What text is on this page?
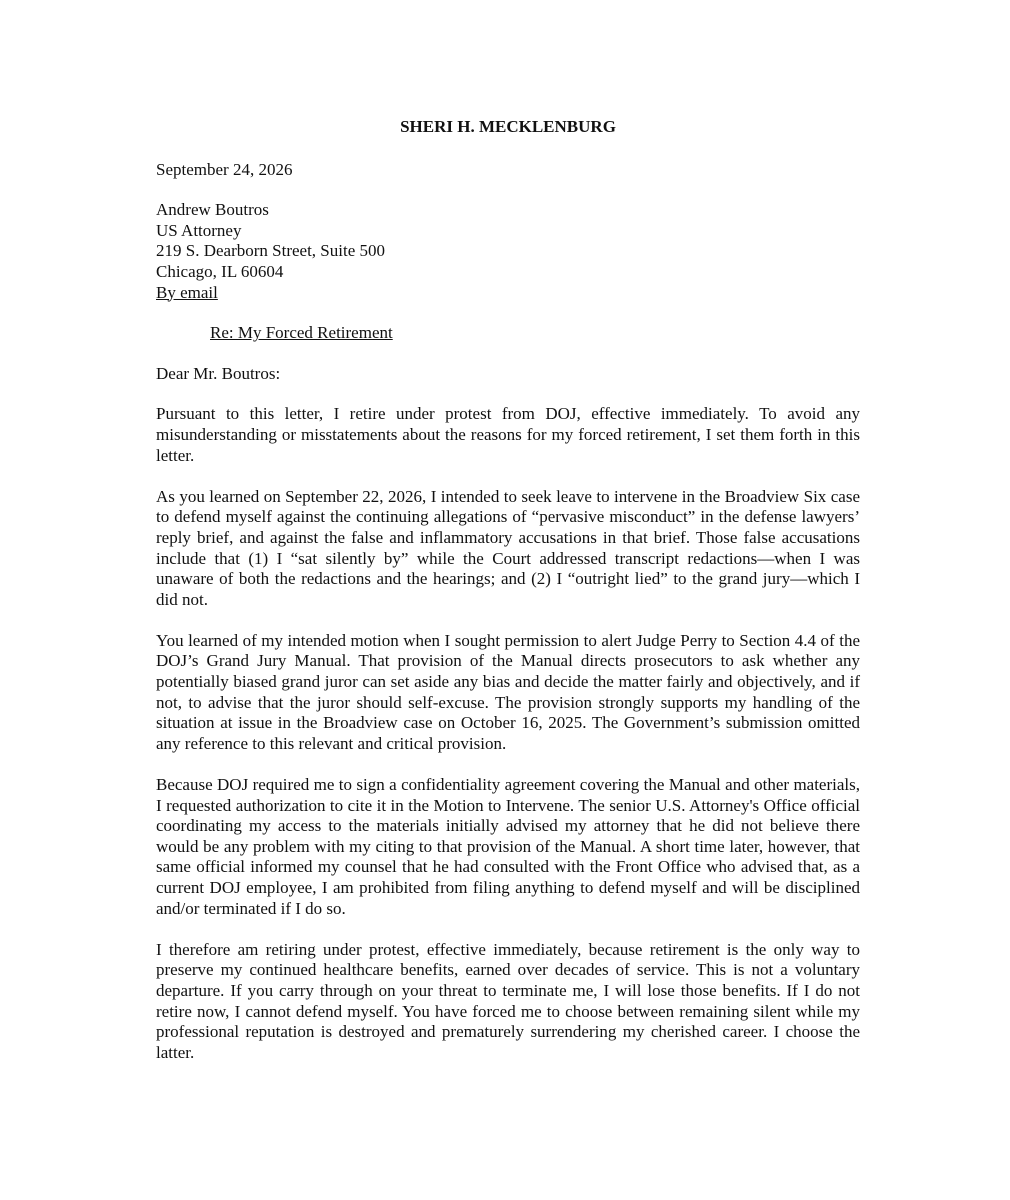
SHERI H. MECKLENBURG
September 24, 2026
Andrew Boutros
US Attorney
219 S. Dearborn Street, Suite 500
Chicago, IL 60604
By email
Re: My Forced Retirement
Dear Mr. Boutros:

Pursuant to this letter, I retire under protest from DOJ, effective immediately. To avoid any misunderstanding or misstatements about the reasons for my forced retirement, I set them forth in this letter.

As you learned on September 22, 2026, I intended to seek leave to intervene in the Broadview Six case to defend myself against the continuing allegations of “pervasive misconduct” in the defense lawyers’ reply brief, and against the false and inflammatory accusations in that brief. Those false accusations include that (1) I “sat silently by” while the Court addressed transcript redactions—when I was unaware of both the redactions and the hearings; and (2) I “outright lied” to the grand jury—which I did not.

You learned of my intended motion when I sought permission to alert Judge Perry to Section 4.4 of the DOJ’s Grand Jury Manual. That provision of the Manual directs prosecutors to ask whether any potentially biased grand juror can set aside any bias and decide the matter fairly and objectively, and if not, to advise that the juror should self-excuse. The provision strongly supports my handling of the situation at issue in the Broadview case on October 16, 2025. The Government’s submission omitted any reference to this relevant and critical provision.

Because DOJ required me to sign a confidentiality agreement covering the Manual and other materials, I requested authorization to cite it in the Motion to Intervene. The senior U.S. Attorney's Office official coordinating my access to the materials initially advised my attorney that he did not believe there would be any problem with my citing to that provision of the Manual. A short time later, however, that same official informed my counsel that he had consulted with the Front Office who advised that, as a current DOJ employee, I am prohibited from filing anything to defend myself and will be disciplined and/or terminated if I do so.

I therefore am retiring under protest, effective immediately, because retirement is the only way to preserve my continued healthcare benefits, earned over decades of service. This is not a voluntary departure. If you carry through on your threat to terminate me, I will lose those benefits. If I do not retire now, I cannot defend myself. You have forced me to choose between remaining silent while my professional reputation is destroyed and prematurely surrendering my cherished career. I choose the latter.
